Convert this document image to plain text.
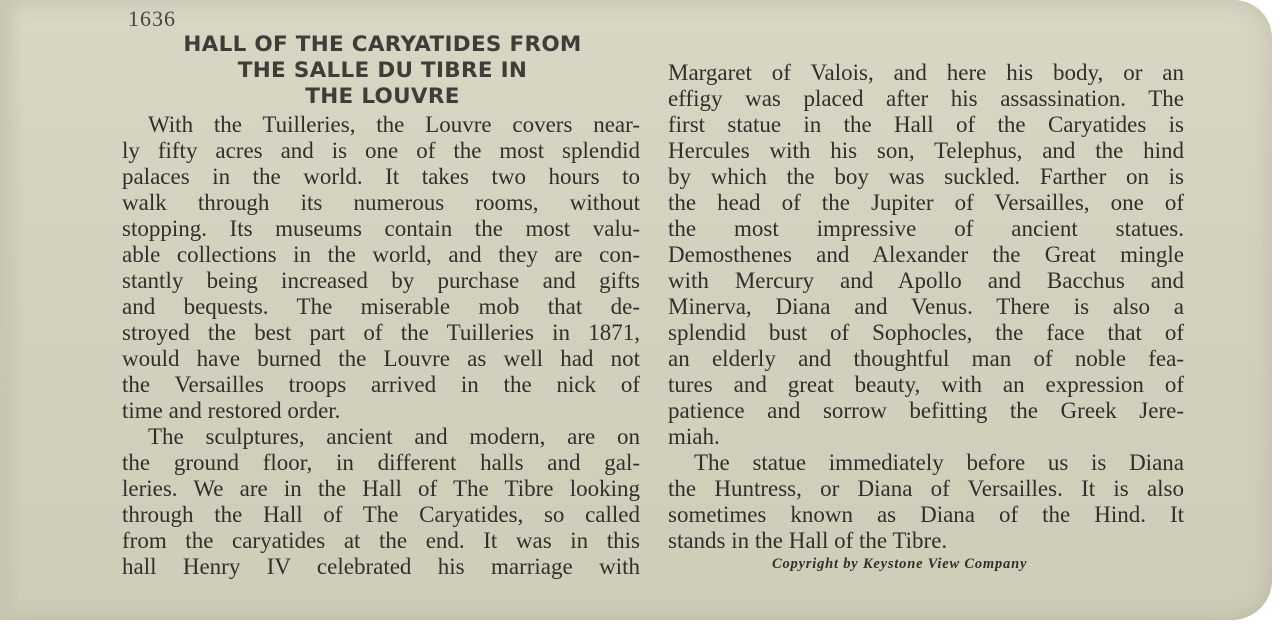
1636
HALL OF THE CARYATIDES FROM
THE SALLE DU TIBRE IN
THE LOUVRE
With the Tuilleries, the Louvre covers near-
ly fifty acres and is one of the most splendid
palaces in the world. It takes two hours to
walk through its numerous rooms, without
stopping. Its museums contain the most valu-
able collections in the world, and they are con-
stantly being increased by purchase and gifts
and bequests. The miserable mob that de-
stroyed the best part of the Tuilleries in 1871,
would have burned the Louvre as well had not
the Versailles troops arrived in the nick of
time and restored order.
The sculptures, ancient and modern, are on
the ground floor, in different halls and gal-
leries. We are in the Hall of The Tibre looking
through the Hall of The Caryatides, so called
from the caryatides at the end. It was in this
hall Henry IV celebrated his marriage with
Margaret of Valois, and here his body, or an
effigy was placed after his assassination. The
first statue in the Hall of the Caryatides is
Hercules with his son, Telephus, and the hind
by which the boy was suckled. Farther on is
the head of the Jupiter of Versailles, one of
the most impressive of ancient statues.
Demosthenes and Alexander the Great mingle
with Mercury and Apollo and Bacchus and
Minerva, Diana and Venus. There is also a
splendid bust of Sophocles, the face that of
an elderly and thoughtful man of noble fea-
tures and great beauty, with an expression of
patience and sorrow befitting the Greek Jere-
miah.
The statue immediately before us is Diana
the Huntress, or Diana of Versailles. It is also
sometimes known as Diana of the Hind. It
stands in the Hall of the Tibre.
Copyright by Keystone View Company
